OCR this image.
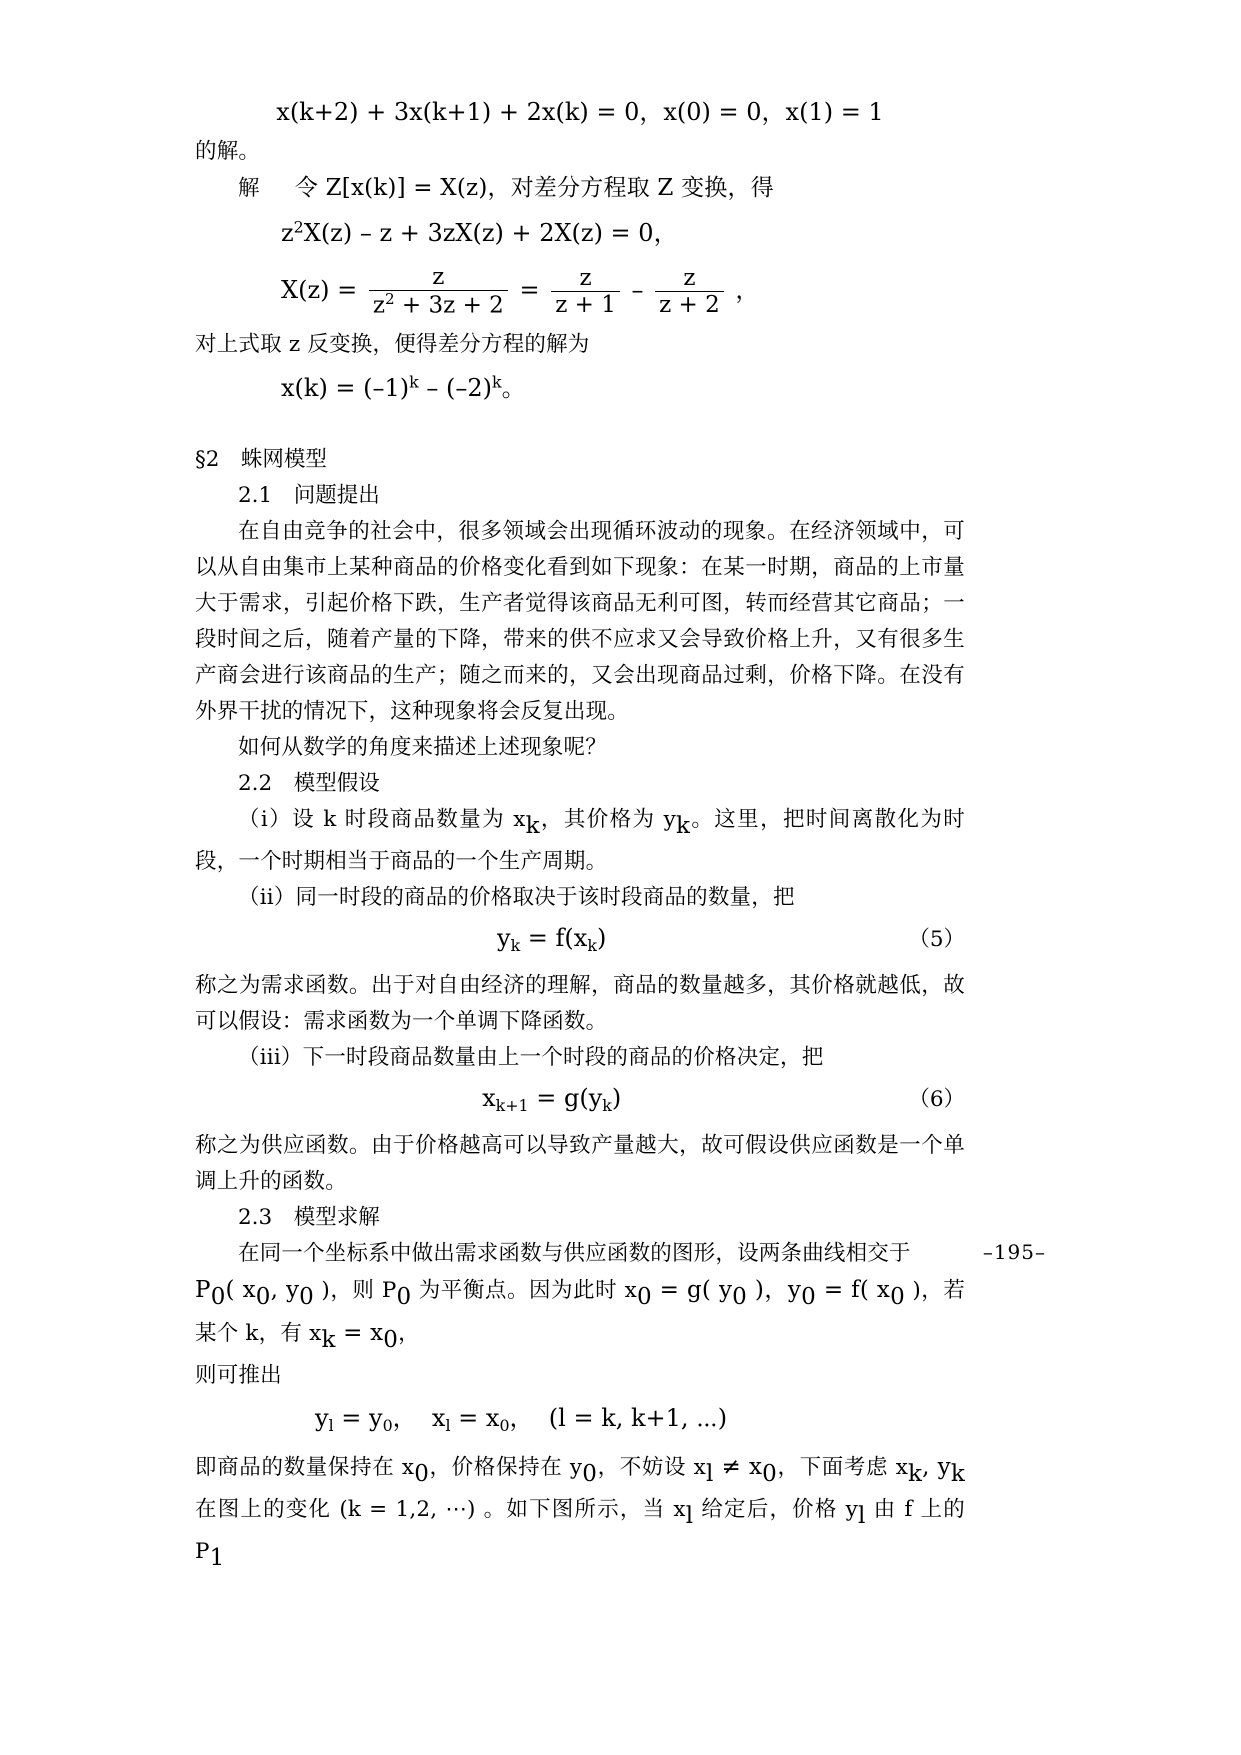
x(k+2) + 3x(k+1) + 2x(k) = 0，x(0) = 0，x(1) = 1
的解。
解 令 Z[x(k)] = X(z)，对差分方程取 Z 变换，得
$z^2X(z) - z + 3zX(z) + 2X(z) = 0$，
$X(z) = \frac{z}{z^2 + 3z + 2} = \frac{z}{z + 1} - \frac{z}{z + 2}$ ，
对上式取 z 反变换，便得差分方程的解为
$x(k) = (-1)^k - (-2)^k$。
§2　蛛网模型
2.1　问题提出
在自由竞争的社会中，很多领域会出现循环波动的现象。在经济领域中，可以从自由集市上某种商品的价格变化看到如下现象：在某一时期，商品的上市量大于需求，引起价格下跌，生产者觉得该商品无利可图，转而经营其它商品；一段时间之后，随着产量的下降，带来的供不应求又会导致价格上升，又有很多生产商会进行该商品的生产；随之而来的，又会出现商品过剩，价格下降。在没有外界干扰的情况下，这种现象将会反复出现。
如何从数学的角度来描述上述现象呢？
2.2　模型假设
（i）设 k 时段商品数量为 xk，其价格为 yk。这里，把时间离散化为时段，一个时期相当于商品的一个生产周期。
（ii）同一时段的商品的价格取决于该时段商品的数量，把
$y_k = f(x_k)$	（5）
称之为需求函数。出于对自由经济的理解，商品的数量越多，其价格就越低，故可以假设：需求函数为一个单调下降函数。
（iii）下一时段商品数量由上一个时段的商品的价格决定，把
$x_{k+1} = g(y_k)$	（6）
称之为供应函数。由于价格越高可以导致产量越大，故可假设供应函数是一个单调上升的函数。
2.3　模型求解
在同一个坐标系中做出需求函数与供应函数的图形，设两条曲线相交于
P0( x0, y0 )，则 P0 为平衡点。因为此时 x0 = g( y0 )，y0 = f( x0 )，若某个 k，有 xk = x0，
则可推出
$y_l = y_0$， $x_l = x_0$， (l = k, k+1, ⋯)
即商品的数量保持在 x0，价格保持在 y0，不妨设 xl ≠ x0，下面考虑 xk, yk 在图上的变化 (k = 1,2, ⋯) 。如下图所示，当 xl 给定后，价格 yl 由 f 上的 P1
–195–
